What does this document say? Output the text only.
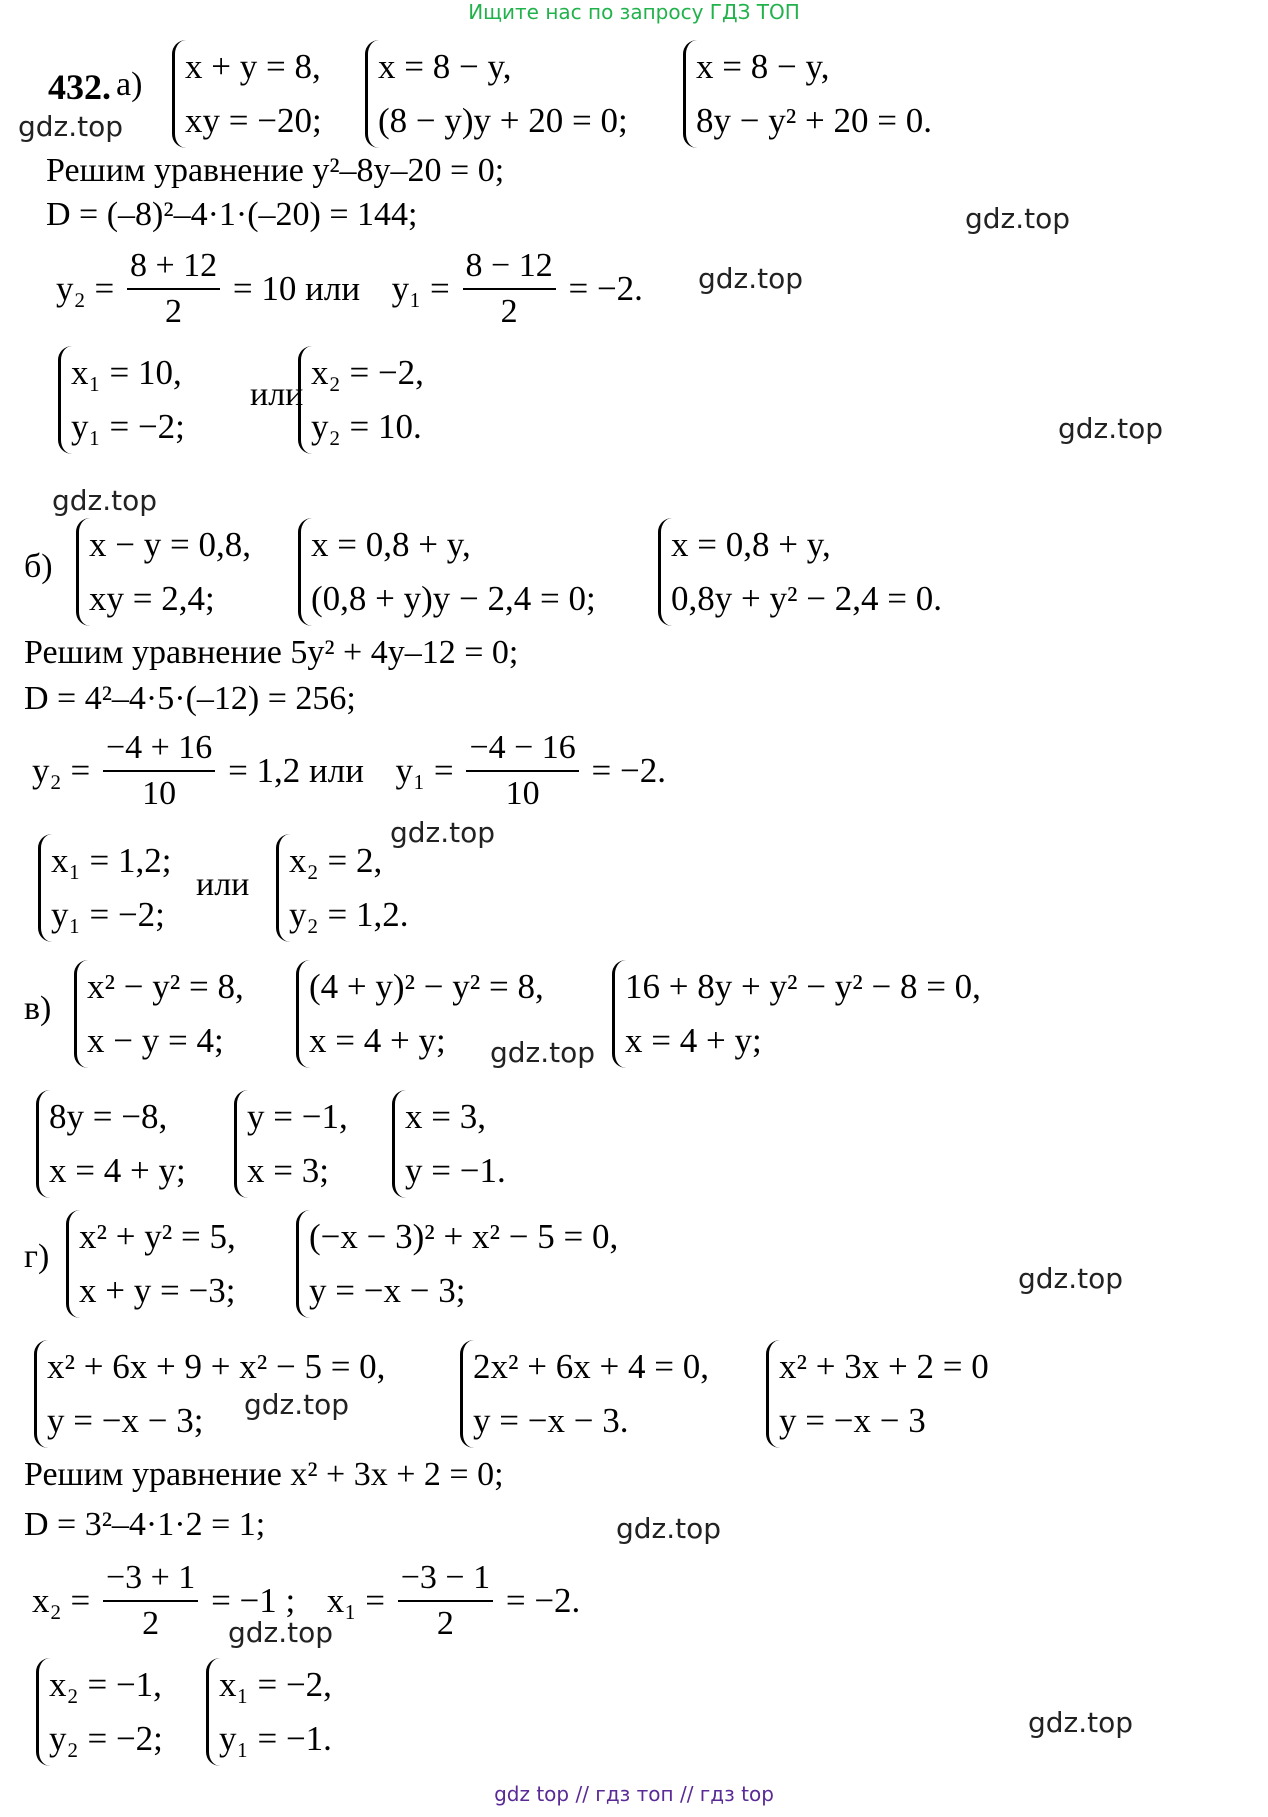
Ищите нас по запросу ГДЗ ТОП
432. а) x + y = 8,
xy = −20;
x = 8 − y,
(8 − y)y + 20 = 0;
x = 8 − y,
8y − y² + 20 = 0.
gdz.top
Решим уравнение y²–8y–20 = 0;
D = (–8)²–4·1·(–20) = 144;	gdz.top
$y_2 = \frac{8 + 12}{2} = 10$ или $y_1 = \frac{8 - 12}{2} = -2$. gdz.top
x₁ = 10,
y₁ = −2;
или
x₂ = −2,
y₂ = 10.	gdz.top
gdz.top
б)
x − y = 0,8,
xy = 2,4;
x = 0,8 + y,
(0,8 + y)y − 2,4 = 0;
x = 0,8 + y,
0,8y + y² − 2,4 = 0.
Решим уравнение 5y² + 4y–12 = 0;
D = 4²–4·5·(–12) = 256;
$y_2 = \frac{-4 + 16}{10} = 1,2$ или $y_1 = \frac{-4 - 16}{10} = -2$.
gdz.top
x₁ = 1,2;
y₁ = −2;
или
x₂ = 2,
y₂ = 1,2.
в)
x² − y² = 8,
x − y = 4;
(4 + y)² − y² = 8,
x = 4 + y;	gdz.top
16 + 8y + y² − y² − 8 = 0,
x = 4 + y;
8y = −8,
x = 4 + y;
y = −1,
x = 3;
x = 3,
y = −1.
г)
x² + y² = 5,
x + y = −3;
(−x − 3)² + x² − 5 = 0,
y = −x − 3;	gdz.top
x² + 6x + 9 + x² − 5 = 0,
y = −x − 3;	gdz.top
2x² + 6x + 4 = 0,
y = −x − 3.
x² + 3x + 2 = 0
y = −x − 3
Решим уравнение x² + 3x + 2 = 0;
D = 3²–4·1·2 = 1;	gdz.top
$x_2 = \frac{-3 + 1}{2} = -1$ ; $x_1 = \frac{-3 - 1}{2} = -2$.
gdz.top
x₂ = −1,
y₂ = −2;
x₁ = −2,
y₁ = −1.	gdz.top
gdz top // гдз топ // гдз top
